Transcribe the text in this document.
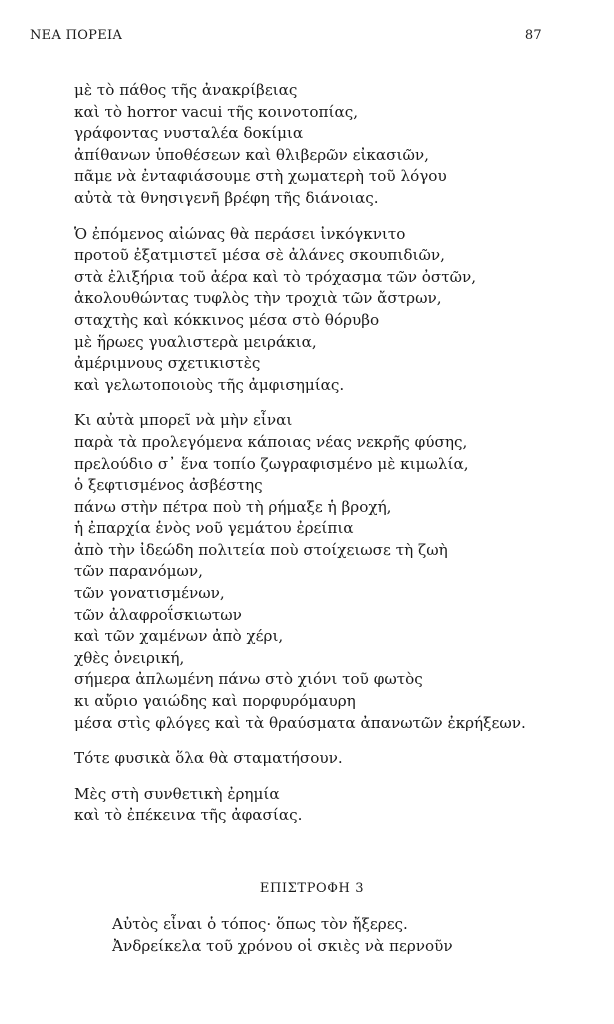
ΝΕΑ ΠΟΡΕΙΑ	87
μὲ τὸ πάθος τῆς ἀνακρίβειας
καὶ τὸ horror vacui τῆς κοινοτοπίας,
γράφοντας νυσταλέα δοκίμια
ἀπίθανων ὑποθέσεων καὶ θλιβερῶν εἰκασιῶν,
πᾶμε νὰ ἐνταφιάσουμε στὴ χωματερὴ τοῦ λόγου
αὐτὰ τὰ θνησιγενῆ βρέφη τῆς διάνοιας.
Ὁ ἐπόμενος αἰώνας θὰ περάσει ἰνκόγκνιτο
προτοῦ ἐξατμιστεῖ μέσα σὲ ἀλάνες σκουπιδιῶν,
στὰ ἐλιξήρια τοῦ ἀέρα καὶ τὸ τρόχασμα τῶν ὀστῶν,
ἀκολουθώντας τυφλὸς τὴν τροχιὰ τῶν ἄστρων,
σταχτὴς καὶ κόκκινος μέσα στὸ θόρυβο
μὲ ἥρωες γυαλιστερὰ μειράκια,
ἀμέριμνους σχετικιστὲς
καὶ γελωτοποιοὺς τῆς ἀμφισημίας.
Κι αὐτὰ μπορεῖ νὰ μὴν εἶναι
παρὰ τὰ προλεγόμενα κάποιας νέας νεκρῆς φύσης,
πρελούδιο σ᾽ ἕνα τοπίο ζωγραφισμένο μὲ κιμωλία,
ὁ ξεφτισμένος ἀσβέστης
πάνω στὴν πέτρα ποὺ τὴ ρήμαξε ἡ βροχή,
ἡ ἐπαρχία ἑνὸς νοῦ γεμάτου ἐρείπια
ἀπὸ τὴν ἰδεώδη πολιτεία ποὺ στοίχειωσε τὴ ζωὴ
τῶν παρανόμων,
τῶν γονατισμένων,
τῶν ἀλαφροΐσκιωτων
καὶ τῶν χαμένων ἀπὸ χέρι,
χθὲς ὀνειρική,
σήμερα ἀπλωμένη πάνω στὸ χιόνι τοῦ φωτὸς
κι αὔριο γαιώδης καὶ πορφυρόμαυρη
μέσα στὶς φλόγες καὶ τὰ θραύσματα ἀπανωτῶν ἐκρήξεων.
Τότε φυσικὰ ὅλα θὰ σταματήσουν.
Μὲς στὴ συνθετικὴ ἐρημία
καὶ τὸ ἐπέκεινα τῆς ἀφασίας.
ΕΠΙΣΤΡΟΦΗ 3
Αὐτὸς εἶναι ὁ τόπος· ὅπως τὸν ἤξερες.
Ἀνδρείκελα τοῦ χρόνου οἱ σκιὲς νὰ περνοῦν
